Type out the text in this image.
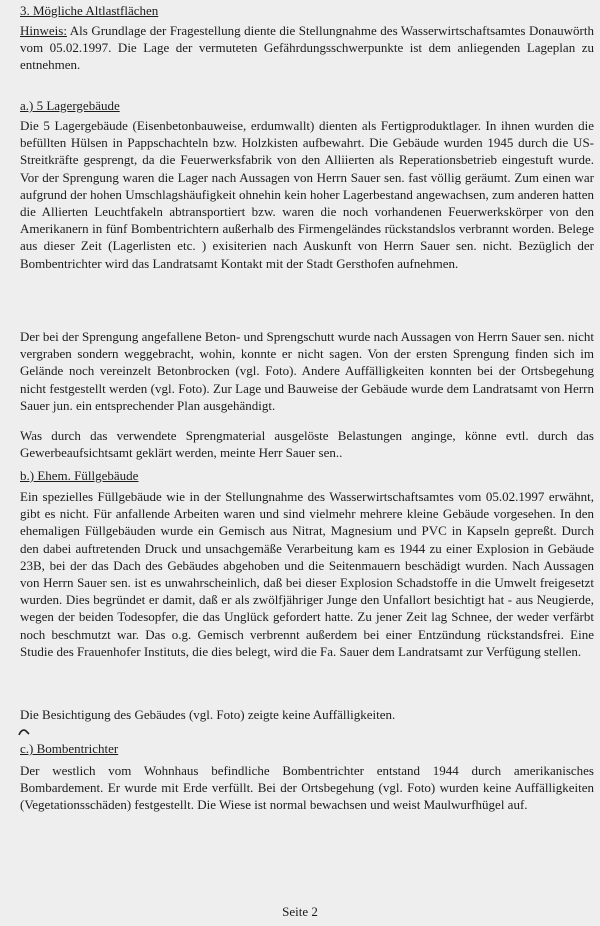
3. Mögliche Altlastflächen

Hinweis: Als Grundlage der Fragestellung diente die Stellungnahme des Wasserwirtschaftsamtes Donauwörth vom 05.02.1997. Die Lage der vermuteten Gefährdungsschwerpunkte ist dem anliegenden Lageplan zu entnehmen.

a.) 5 Lagergebäude

Die 5 Lagergebäude (Eisenbetonbauweise, erdumwallt) dienten als Fertigproduktlager. In ihnen wurden die befüllten Hülsen in Pappschachteln bzw. Holzkisten aufbewahrt. Die Gebäude wurden 1945 durch die US-Streitkräfte gesprengt, da die Feuerwerksfabrik von den Alliierten als Reperationsbetrieb eingestuft wurde. Vor der Sprengung waren die Lager nach Aussagen von Herrn Sauer sen. fast völlig geräumt. Zum einen war aufgrund der hohen Umschlagshäufigkeit ohnehin kein hoher Lagerbestand angewachsen, zum anderen hatten die Allierten Leuchtfakeln abtransportiert bzw. waren die noch vorhandenen Feuerwerkskörper von den Amerikanern in fünf Bombentrichtern außerhalb des Firmengeländes rückstandslos verbrannt worden. Belege aus dieser Zeit (Lagerlisten etc. ) exisiterien nach Auskunft von Herrn Sauer sen. nicht. Bezüglich der Bombentrichter wird das Landratsamt Kontakt mit der Stadt Gersthofen aufnehmen.

Der bei der Sprengung angefallene Beton- und Sprengschutt wurde nach Aussagen von Herrn Sauer sen. nicht vergraben sondern weggebracht, wohin, konnte er nicht sagen. Von der ersten Sprengung finden sich im Gelände noch vereinzelt Betonbrocken (vgl. Foto). Andere Auffälligkeiten konnten bei der Ortsbegehung nicht festgestellt werden (vgl. Foto). Zur Lage und Bauweise der Gebäude wurde dem Landratsamt von Herrn Sauer jun. ein entsprechender Plan ausgehändigt.

Was durch das verwendete Sprengmaterial ausgelöste Belastungen anginge, könne evtl. durch das Gewerbeaufsichtsamt geklärt werden, meinte Herr Sauer sen..

b.) Ehem. Füllgebäude

Ein spezielles Füllgebäude wie in der Stellungnahme des Wasserwirtschaftsamtes vom 05.02.1997 erwähnt, gibt es nicht. Für anfallende Arbeiten waren und sind vielmehr mehrere kleine Gebäude vorgesehen. In den ehemaligen Füllgebäuden wurde ein Gemisch aus Nitrat, Magnesium und PVC in Kapseln gepreßt. Durch den dabei auftretenden Druck und unsachgemäße Verarbeitung kam es 1944 zu einer Explosion in Gebäude 23B, bei der das Dach des Gebäudes abgehoben und die Seitenmauern beschädigt wurden. Nach Aussagen von Herrn Sauer sen. ist es unwahrscheinlich, daß bei dieser Explosion Schadstoffe in die Umwelt freigesetzt wurden. Dies begründet er damit, daß er als zwölfjähriger Junge den Unfallort besichtigt hat - aus Neugierde, wegen der beiden Todesopfer, die das Unglück gefordert hatte. Zu jener Zeit lag Schnee, der weder verfärbt noch beschmutzt war. Das o.g. Gemisch verbrennt außerdem bei einer Entzündung rückstandsfrei. Eine Studie des Frauenhofer Instituts, die dies belegt, wird die Fa. Sauer dem Landratsamt zur Verfügung stellen.

Die Besichtigung des Gebäudes (vgl. Foto) zeigte keine Auffälligkeiten.

c.) Bombentrichter

Der westlich vom Wohnhaus befindliche Bombentrichter entstand 1944 durch amerikanisches Bombardement. Er wurde mit Erde verfüllt. Bei der Ortsbegehung (vgl. Foto) wurden keine Auffälligkeiten (Vegetationsschäden) festgestellt. Die Wiese ist normal bewachsen und weist Maulwurfhügel auf.

Seite 2
